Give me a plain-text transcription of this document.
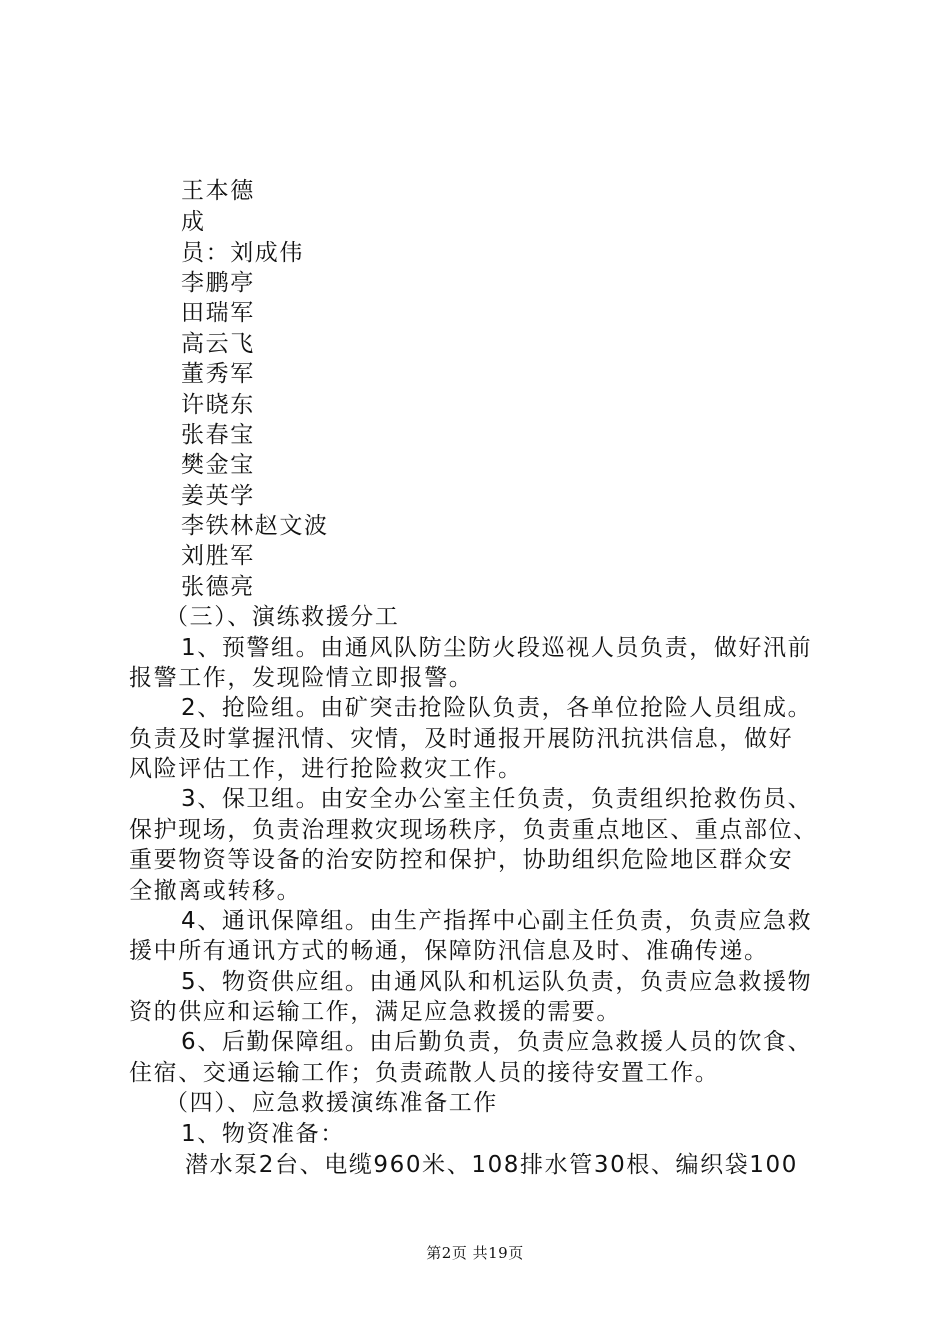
王本德
成
员：刘成伟
李鹏亭
田瑞军
高云飞
董秀军
许晓东
张春宝
樊金宝
姜英学
李铁林赵文波
刘胜军
张德亮
（三）、演练救援分工
1、预警组。由通风队防尘防火段巡视人员负责，做好汛前
报警工作，发现险情立即报警。
2、抢险组。由矿突击抢险队负责，各单位抢险人员组成。
负责及时掌握汛情、灾情，及时通报开展防汛抗洪信息，做好
风险评估工作，进行抢险救灾工作。
3、保卫组。由安全办公室主任负责，负责组织抢救伤员、
保护现场，负责治理救灾现场秩序，负责重点地区、重点部位、
重要物资等设备的治安防控和保护，协助组织危险地区群众安
全撤离或转移。
4、通讯保障组。由生产指挥中心副主任负责，负责应急救
援中所有通讯方式的畅通，保障防汛信息及时、准确传递。
5、物资供应组。由通风队和机运队负责，负责应急救援物
资的供应和运输工作，满足应急救援的需要。
6、后勤保障组。由后勤负责，负责应急救援人员的饮食、
住宿、交通运输工作；负责疏散人员的接待安置工作。
（四）、应急救援演练准备工作
1、物资准备：
潜水泵2台、电缆960米、108排水管30根、编织袋100
第2页 共19页
